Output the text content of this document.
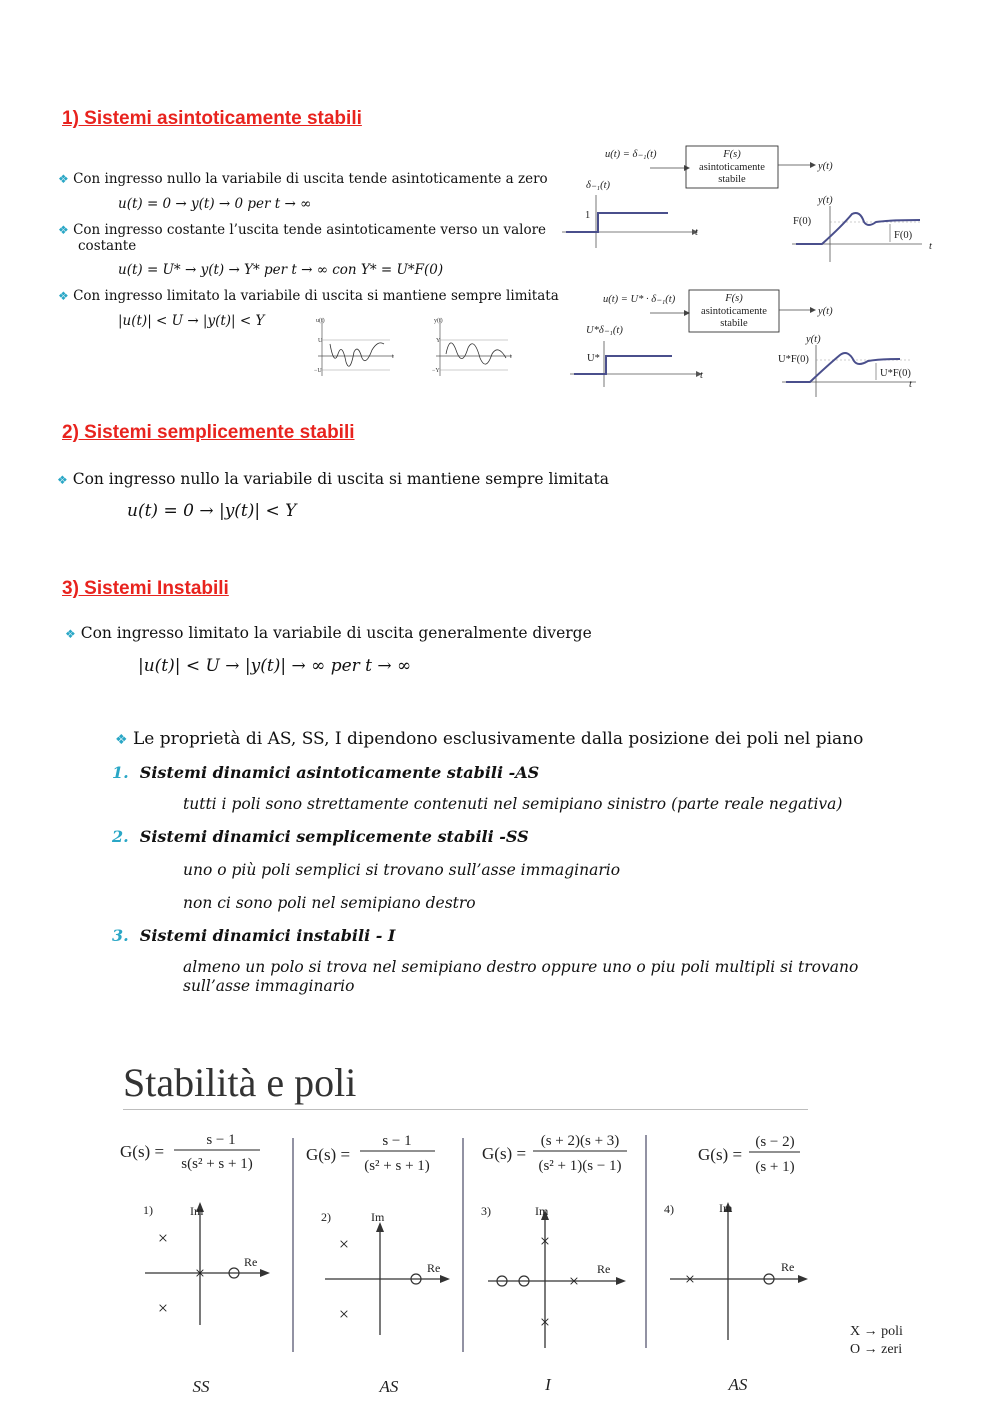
1) Sistemi asintoticamente stabili
❖ Con ingresso nullo la variabile di uscita tende asintoticamente a zero
u(t) = 0 → y(t) → 0 per t → ∞
❖ Con ingresso costante l’uscita tende asintoticamente verso un valore
costante
u(t) = U* → y(t) → Y* per t → ∞ con Y* = U*F(0)
❖ Con ingresso limitato la variabile di uscita si mantiene sempre limitata
|u(t)| < U → |y(t)| < Y	u(t)
U
−U
t
y(t)
Y
−Y
t
u(t) = δ₋₁(t)	F(s)
asintoticamente
stabile
y(t)
δ₋₁(t)
1
t
y(t)
F(0)
F(0)
t
u(t) = U* · δ₋₁(t)	F(s)
asintoticamente
stabile
y(t)
U*δ₋₁(t)
U*
t
y(t)
U*F(0)
U*F(0)
t
2) Sistemi semplicemente stabili
❖ Con ingresso nullo la variabile di uscita si mantiene sempre limitata
u(t) = 0 → |y(t)| < Y
3) Sistemi Instabili
❖ Con ingresso limitato la variabile di uscita generalmente diverge
|u(t)| < U → |y(t)| → ∞ per t → ∞
❖ Le proprietà di AS, SS, I dipendono esclusivamente dalla posizione dei poli nel piano
1. Sistemi dinamici asintoticamente stabili -AS
tutti i poli sono strettamente contenuti nel semipiano sinistro (parte reale negativa)
2. Sistemi dinamici semplicemente stabili -SS
uno o più poli semplici si trovano sull’asse immaginario
non ci sono poli nel semipiano destro
3. Sistemi dinamici instabili - I
almeno un polo si trova nel semipiano destro oppure uno o piu poli multipli si trovano
sull’asse immaginario
Stabilità e poli
G(s) =
s − 1
s(s² + s + 1)	G(s) =
s − 1
(s² + s + 1)
G(s) =
(s + 2)(s + 3)
(s² + 1)(s − 1)
G(s) =
(s − 2)
(s + 1)
1)	Im
Re
×
×
×
2)	Im
Re
×
×
3)	Im
Re
×
×
×
4)	Im
Re
×
SS	AS	I	AS
X → poli
O → zeri
